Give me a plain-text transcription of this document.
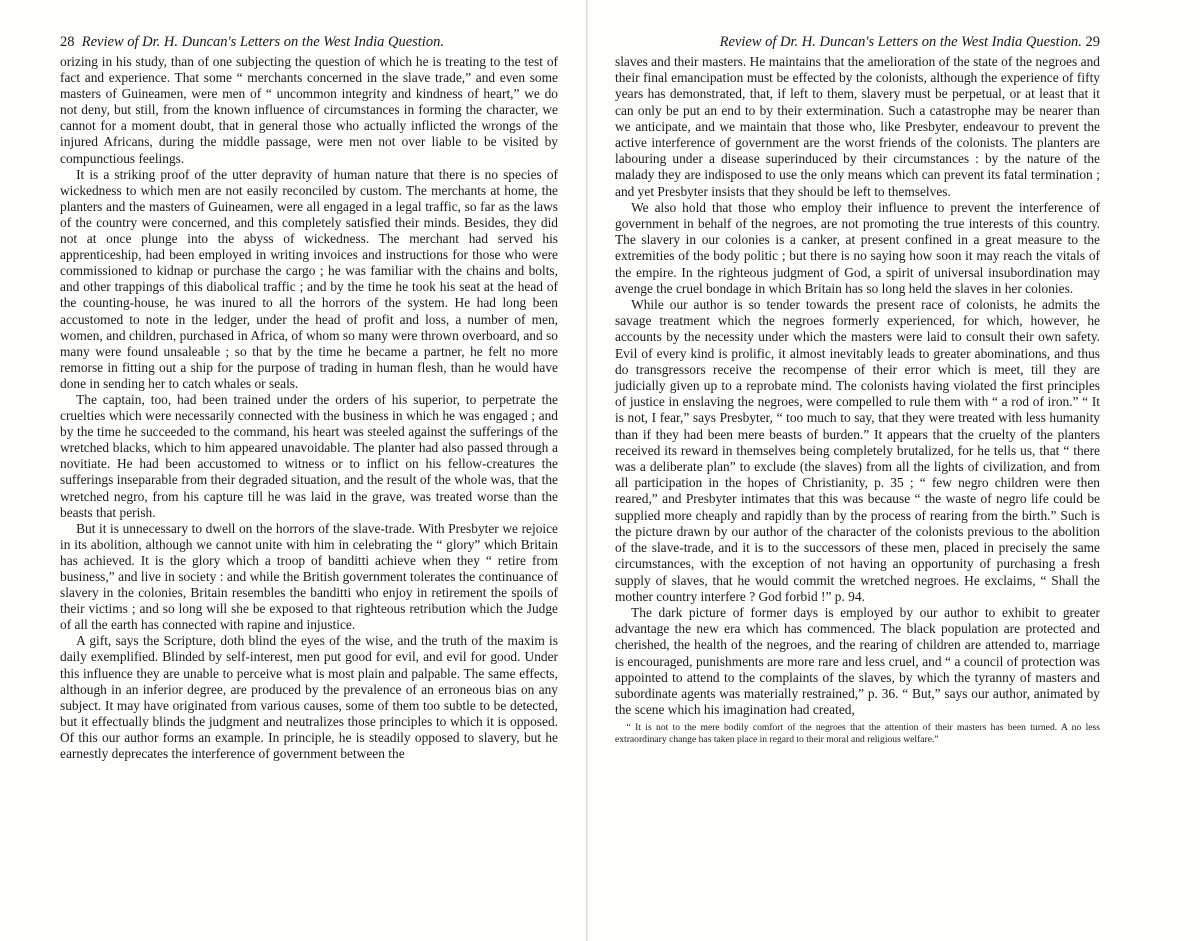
28 Review of Dr. H. Duncan's Letters on the West India Question.

orizing in his study, than of one subjecting the question of which he is treating to the test of fact and experience. That some “ merchants concerned in the slave trade,” and even some masters of Guineamen, were men of “ uncommon integrity and kindness of heart,” we do not deny, but still, from the known influence of circumstances in forming the character, we cannot for a moment doubt, that in general those who actually inflicted the wrongs of the injured Africans, during the middle passage, were men not over liable to be visited by compunctious feelings.

It is a striking proof of the utter depravity of human nature that there is no species of wickedness to which men are not easily reconciled by custom. The merchants at home, the planters and the masters of Guineamen, were all engaged in a legal traffic, so far as the laws of the country were concerned, and this completely satisfied their minds. Besides, they did not at once plunge into the abyss of wickedness. The merchant had served his apprenticeship, had been employed in writing invoices and instructions for those who were commissioned to kidnap or purchase the cargo ; he was familiar with the chains and bolts, and other trappings of this diabolical traffic ; and by the time he took his seat at the head of the counting-house, he was inured to all the horrors of the system. He had long been accustomed to note in the ledger, under the head of profit and loss, a number of men, women, and children, purchased in Africa, of whom so many were thrown overboard, and so many were found unsaleable ; so that by the time he became a partner, he felt no more remorse in fitting out a ship for the purpose of trading in human flesh, than he would have done in sending her to catch whales or seals.

The captain, too, had been trained under the orders of his superior, to perpetrate the cruelties which were necessarily connected with the business in which he was engaged ; and by the time he succeeded to the command, his heart was steeled against the sufferings of the wretched blacks, which to him appeared unavoidable. The planter had also passed through a novitiate. He had been accustomed to witness or to inflict on his fellow-creatures the sufferings inseparable from their degraded situation, and the result of the whole was, that the wretched negro, from his capture till he was laid in the grave, was treated worse than the beasts that perish.

But it is unnecessary to dwell on the horrors of the slave-trade. With Presbyter we rejoice in its abolition, although we cannot unite with him in celebrating the “ glory” which Britain has achieved. It is the glory which a troop of banditti achieve when they “ retire from business,” and live in society : and while the British government tolerates the continuance of slavery in the colonies, Britain resembles the banditti who enjoy in retirement the spoils of their victims ; and so long will she be exposed to that righteous retribution which the Judge of all the earth has connected with rapine and injustice.

A gift, says the Scripture, doth blind the eyes of the wise, and the truth of the maxim is daily exemplified. Blinded by self-interest, men put good for evil, and evil for good. Under this influence they are unable to perceive what is most plain and palpable. The same effects, although in an inferior degree, are produced by the prevalence of an erroneous bias on any subject. It may have originated from various causes, some of them too subtle to be detected, but it effectually blinds the judgment and neutralizes those principles to which it is opposed. Of this our author forms an example. In principle, he is steadily opposed to slavery, but he earnestly deprecates the interference of government between the

Review of Dr. H. Duncan's Letters on the West India Question. 29

slaves and their masters. He maintains that the amelioration of the state of the negroes and their final emancipation must be effected by the colonists, although the experience of fifty years has demonstrated, that, if left to them, slavery must be perpetual, or at least that it can only be put an end to by their extermination. Such a catastrophe may be nearer than we anticipate, and we maintain that those who, like Presbyter, endeavour to prevent the active interference of government are the worst friends of the colonists. The planters are labouring under a disease superinduced by their circumstances : by the nature of the malady they are indisposed to use the only means which can prevent its fatal termination ; and yet Presbyter insists that they should be left to themselves.

We also hold that those who employ their influence to prevent the interference of government in behalf of the negroes, are not promoting the true interests of this country. The slavery in our colonies is a canker, at present confined in a great measure to the extremities of the body politic ; but there is no saying how soon it may reach the vitals of the empire. In the righteous judgment of God, a spirit of universal insubordination may avenge the cruel bondage in which Britain has so long held the slaves in her colonies.

While our author is so tender towards the present race of colonists, he admits the savage treatment which the negroes formerly experienced, for which, however, he accounts by the necessity under which the masters were laid to consult their own safety. Evil of every kind is prolific, it almost inevitably leads to greater abominations, and thus do transgressors receive the recompense of their error which is meet, till they are judicially given up to a reprobate mind. The colonists having violated the first principles of justice in enslaving the negroes, were compelled to rule them with “ a rod of iron.” “ It is not, I fear,” says Presbyter, “ too much to say, that they were treated with less humanity than if they had been mere beasts of burden.” It appears that the cruelty of the planters received its reward in themselves being completely brutalized, for he tells us, that “ there was a deliberate plan” to exclude (the slaves) from all the lights of civilization, and from all participation in the hopes of Christianity, p. 35 ; “ few negro children were then reared,” and Presbyter intimates that this was because “ the waste of negro life could be supplied more cheaply and rapidly than by the process of rearing from the birth.” Such is the picture drawn by our author of the character of the colonists previous to the abolition of the slave-trade, and it is to the successors of these men, placed in precisely the same circumstances, with the exception of not having an opportunity of purchasing a fresh supply of slaves, that he would commit the wretched negroes. He exclaims, “ Shall the mother country interfere ? God forbid !” p. 94.

The dark picture of former days is employed by our author to exhibit to greater advantage the new era which has commenced. The black population are protected and cherished, the health of the negroes, and the rearing of children are attended to, marriage is encouraged, punishments are more rare and less cruel, and “ a council of protection was appointed to attend to the complaints of the slaves, by which the tyranny of masters and subordinate agents was materially restrained,” p. 36. “ But,” says our author, animated by the scene which his imagination had created,

“ It is not to the mere bodily comfort of the negroes that the attention of their masters has been turned. A no less extraordinary change has taken place in regard to their moral and religious welfare.”
